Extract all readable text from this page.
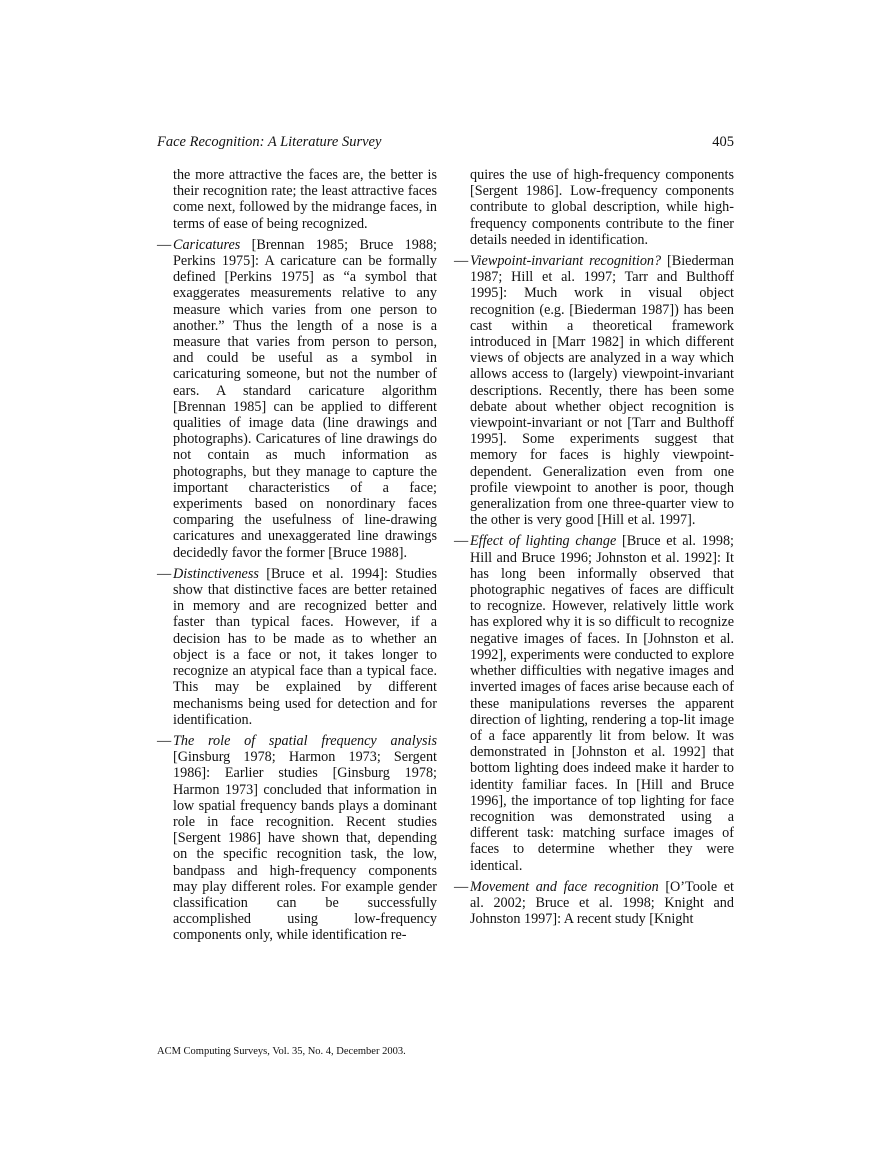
Face Recognition: A Literature Survey	405

the more attractive the faces are, the better is their recognition rate; the least attractive faces come next, followed by the midrange faces, in terms of ease of being recognized.

— Caricatures [Brennan 1985; Bruce 1988; Perkins 1975]: A caricature can be formally defined [Perkins 1975] as “a symbol that exaggerates measurements relative to any measure which varies from one person to another.” Thus the length of a nose is a measure that varies from person to person, and could be useful as a symbol in caricaturing someone, but not the number of ears. A standard caricature algorithm [Brennan 1985] can be applied to different qualities of image data (line drawings and photographs). Caricatures of line drawings do not contain as much information as photographs, but they manage to capture the important characteristics of a face; experiments based on nonordinary faces comparing the usefulness of line-drawing caricatures and unexaggerated line drawings decidedly favor the former [Bruce 1988].

— Distinctiveness [Bruce et al. 1994]: Studies show that distinctive faces are better retained in memory and are recognized better and faster than typical faces. However, if a decision has to be made as to whether an object is a face or not, it takes longer to recognize an atypical face than a typical face. This may be explained by different mechanisms being used for detection and for identification.

— The role of spatial frequency analysis [Ginsburg 1978; Harmon 1973; Sergent 1986]: Earlier studies [Ginsburg 1978; Harmon 1973] concluded that information in low spatial frequency bands plays a dominant role in face recognition. Recent studies [Sergent 1986] have shown that, depending on the specific recognition task, the low, bandpass and high-frequency components may play different roles. For example gender classification can be successfully accomplished using low-frequency components only, while identification re-

quires the use of high-frequency components [Sergent 1986]. Low-frequency components contribute to global description, while high-frequency components contribute to the finer details needed in identification.

— Viewpoint-invariant recognition? [Biederman 1987; Hill et al. 1997; Tarr and Bulthoff 1995]: Much work in visual object recognition (e.g. [Biederman 1987]) has been cast within a theoretical framework introduced in [Marr 1982] in which different views of objects are analyzed in a way which allows access to (largely) viewpoint-invariant descriptions. Recently, there has been some debate about whether object recognition is viewpoint-invariant or not [Tarr and Bulthoff 1995]. Some experiments suggest that memory for faces is highly viewpoint-dependent. Generalization even from one profile viewpoint to another is poor, though generalization from one three-quarter view to the other is very good [Hill et al. 1997].

— Effect of lighting change [Bruce et al. 1998; Hill and Bruce 1996; Johnston et al. 1992]: It has long been informally observed that photographic negatives of faces are difficult to recognize. However, relatively little work has explored why it is so difficult to recognize negative images of faces. In [Johnston et al. 1992], experiments were conducted to explore whether difficulties with negative images and inverted images of faces arise because each of these manipulations reverses the apparent direction of lighting, rendering a top-lit image of a face apparently lit from below. It was demonstrated in [Johnston et al. 1992] that bottom lighting does indeed make it harder to identity familiar faces. In [Hill and Bruce 1996], the importance of top lighting for face recognition was demonstrated using a different task: matching surface images of faces to determine whether they were identical.

— Movement and face recognition [O’Toole et al. 2002; Bruce et al. 1998; Knight and Johnston 1997]: A recent study [Knight

ACM Computing Surveys, Vol. 35, No. 4, December 2003.
